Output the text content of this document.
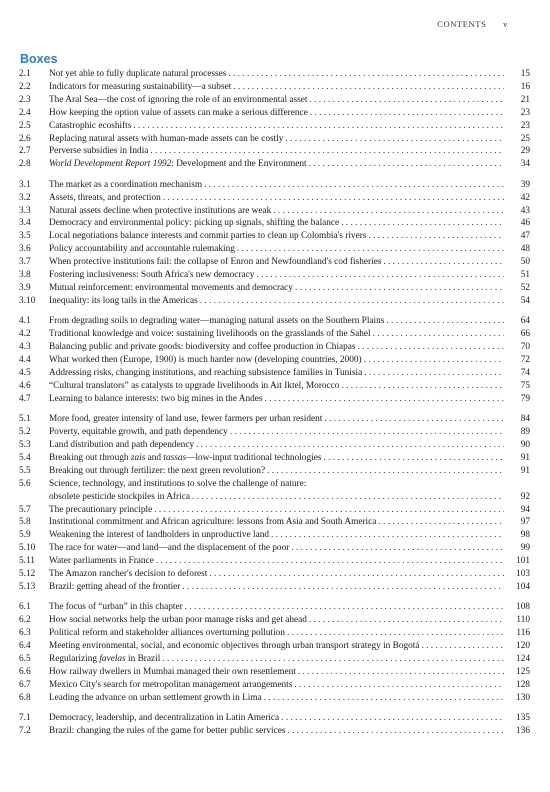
CONTENTS v
Boxes
2.1	Not yet able to fully duplicate natural processes . . .	15
2.2	Indicators for measuring sustainability—a subset . . .	16
2.3	The Aral Sea—the cost of ignoring the role of an environmental asset . . .	21
2.4	How keeping the option value of assets can make a serious difference . . .	23
2.5	Catastrophic ecoshifts . . .	23
2.6	Replacing natural assets with human-made assets can be costly . . .	25
2.7	Perverse subsidies in India . . .	29
2.8	World Development Report 1992: Development and the Environment . . .	34
3.1	The market as a coordination mechanism . . .	39
3.2	Assets, threats, and protection . . .	42
3.3	Natural assets decline when protective institutions are weak . . .	43
3.4	Democracy and environmental policy: picking up signals, shifting the balance . . .	46
3.5	Local negotiations balance interests and commit parties to clean up Colombia's rivers . . .	47
3.6	Policy accountability and accountable rulemaking . . .	48
3.7	When protective institutions fail: the collapse of Enron and Newfoundland's cod fisheries . . .	50
3.8	Fostering inclusiveness: South Africa's new democracy . . .	51
3.9	Mutual reinforcement: environmental movements and democracy . . .	52
3.10	Inequality: its long tails in the Americas . . .	54
4.1	From degrading soils to degrading water—managing natural assets on the Southern Plains . . .	64
4.2	Traditional knowledge and voice: sustaining livelihoods on the grasslands of the Sahel . . .	66
4.3	Balancing public and private goods: biodiversity and coffee production in Chiapas . . .	70
4.4	What worked then (Europe, 1900) is much harder now (developing countries, 2000) . . .	72
4.5	Addressing risks, changing institutions, and reaching subsistence families in Tunisia . . .	74
4.6	“Cultural translators” as catalysts to upgrade livelihoods in Ait Iktel, Morocco . . .	75
4.7	Learning to balance interests: two big mines in the Andes . . .	79
5.1	More food, greater intensity of land use, fewer farmers per urban resident . . .	84
5.2	Poverty, equitable growth, and path dependency . . .	89
5.3	Land distribution and path dependency . . .	90
5.4	Breaking out through zais and tassas—low-input traditional technologies . . .	91
5.5	Breaking out through fertilizer: the next green revolution? . . .	91
5.6	Science, technology, and institutions to solve the challenge of nature:
obsolete pesticide stockpiles in Africa . . .	92
5.7	The precautionary principle . . .	94
5.8	Institutional commitment and African agriculture: lessons from Asia and South America . . .	97
5.9	Weakening the interest of landholders in unproductive land . . .	98
5.10	The race for water—and land—and the displacement of the poor . . .	99
5.11	Water parliaments in France . . .	101
5.12	The Amazon rancher's decision to deforest . . .	103
5.13	Brazil: getting ahead of the frontier . . .	104
6.1	The focus of “urban” in this chapter . . .	108
6.2	How social networks help the urban poor manage risks and get ahead . . .	110
6.3	Political reform and stakeholder alliances overturning pollution . . .	116
6.4	Meeting environmental, social, and economic objectives through urban transport strategy in Bogotá . . .	120
6.5	Regularizing favelas in Brazil . . .	124
6.6	How railway dwellers in Mumbai managed their own resettlement . . .	125
6.7	Mexico City's search for metropolitan management arrangements . . .	128
6.8	Leading the advance on urban settlement growth in Lima . . .	130
7.1	Democracy, leadership, and decentralization in Latin America . . .	135
7.2	Brazil: changing the rules of the game for better public services . . .	136
